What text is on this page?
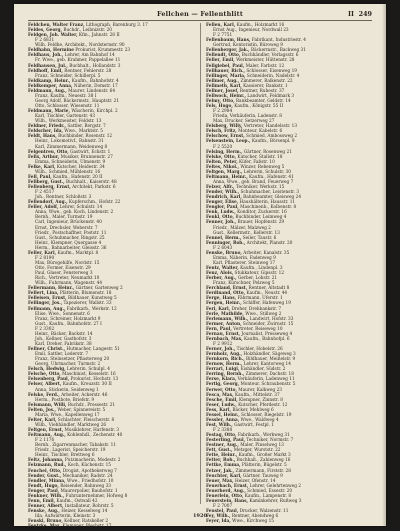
Fellchen — Fellenthlitt	II 249
Feldchen, Walter Franz, Lithograph, Barenburg 3. 17
Feldes, Georg, Buchdr., Leibnizstr. 20
Feldgen, Joh. Walter, Kfm., Jahnstr. 28 II
F 2 6831
Wilh. Feldhe, Architekt., Nordsternstr. 90
Feldhahn, Hermine Prokurist, Krummestr. 23
Feldhaus, Joh., Lehrer, Am Bahnhof 14
Fr. Wwe., geb. Krahmer, Pappelallee 11
Feldhausen, Jul., Buchhalt., Hollandstr. 3
Feldhoff, Emil, Rentner, Fehlerstr. 28
Franz, Schneider, Schillerpl. 5
Feldkamp, Heinr., Kaufm., Bahnhofstr. 4
Feldkemper, Anna, Näherin, Domstr. 17
Feldmann, Aug., Maurer, Lindenstr. 64
Franz, Kaufm., Neuestr. 38 I
Georg Adolf, Bäckermstr., Hauptstr. 21
Otto, Schlosser, Wiesenstr. 11
Feldmann, Marie, Wäscherin, Kirchpl. 2
Karl, Tischler, Gartenstr. 43
Wilh., Werkmeister, Feldstr. 13
Feldner, Friedr., Sattler, Bergstr. 7
Feldscher, Ida, Wwe., Marktstr. 5
Feldt, Hans, Buchbinder, Rosenstr. 12
Heinr., Lokomotivf., Bahnstr. 31
Karl, Zimmermann, Weidenweg 8
Felgentreu, Otto, Gastwirt, Eckstr. 1
Felix, Arthur, Musiker, Brunnenstr. 27
Emma, Schneiderin, Ulmenstr. 9
Felke, Karl, Kutscher, Heidestr. 34
Wilh., Schmied, Mühlenstr. 16
Fell, Paul, Kaufm., Hafenstr. 20 II
Fellberg, Gust., Buchhalt., Kaiserstr. 48
Fellenberg, Ernst, Architekt, Parkstr. 6
F 2 4517
Joh., Rentner, Schloßstr. 3
Fellendorf, Aug., Kupferschm., Hofstr. 22
Feller, Adolf, Lehrer, Schulstr. 14
Anna, Wwe., geb. Koch, Lindenstr. 2
Bernh., Maler, Turmstr. 19
Carl, Ingenieur, Brückenstr. 40
Ernst, Drechsler, Weberstr. 7
Friedr., Postschaffner, Poststr. 11
Gust., Schuhmacher, Ringstr. 25
Heinr., Klempner, Quergasse 4
Herm., Bahnarbeiter, Gleisstr. 36
Feller, Karl, Kaufm., Marktpl. 8
F 2 8190
Max, Bürogehilfe, Nordstr. 15
Otto, Former, Eisenstr. 29
Paul, Glaser, Fensterweg 3
Rich., Vertreter, Neumarkt 10
Wilh., Fuhrmann, Wagenstr. 44
Fellermann, Heinr., Gärtner, Gartenweg 2
Fellert, Lina, Plätterin, Blumenstr. 18
Felleisen, Ernst, Bildhauer, Kunstweg 5
Fellinger, Jos., Tapezierer, Wallstr. 33
Fellmann, Aug., Fabrikarb., Werkstr. 12
Elise, Wwe., Sonnenstr. 6
Franz, Schreiner, Holzmarkt 9
Gust., Kaufm., Bahnhofstr. 27 I
F 2 3302
Heinr., Bäcker, Backstr. 14
Joh., Kellner, Gasthofstr. 3
Karl, Dreher, Fabrikstr. 38
Fellner, Christ., Hutmacher, Langestr. 51
Emil, Sattler, Lederstr. 7
Franz, Steinsetzer, Pflasterweg 20
Georg, Uhrmacher, Turmstr. 2
Felsch, Hedwig, Lehrerin, Schulpl. 4
Felsche, Otto, Maschinist, Kesselstr. 16
Felsenberg, Paul, Prokurist, Hochstr. 13
Felser, Albert, Kaufm., Kreuzstr. 30 II
Anna, Stickerin, Seidenweg 1
Felske, Ferd., Arbeiter, Ackerstr. 46
Herm., Postbote, Briefstr. 9
Felsmann, Willi, Buchdr., Pressestr. 21
Felten, Jos., Weber, Spinnereistr. 5
Maria, Wwe., Kapellenweg 17
Felter, Karl, Schlachter, Fleischerstr. 8
Wilh., Viehhändler, Marktweg 26
Feltgen, Ernst, Musiklehrer, Harfenstr. 3
Feltmann, Aug., Kohlenhdl., Zechenstr. 40
F 2 1176
Bernh., Zigarrenmacher, Tabakstr. 11
Friedr., Lagerist, Speicherstr. 19
Heinr., Tischler, Brettweg 6
Feltz, Johanna, Putzmacherin, Modestr. 2
Felzmann, Rud., Koch, Küchenstr. 15
Fenchel, Otto, Drogist, Apothekerweg 7
Fender, Gust., Mechaniker, Radstr. 24
Fendler, Minna, Wwe., Friedhofstr. 10
Fendt, Hugo, Reisender, Bahnweg 33
Fenger, Paul, Maurerpolier, Bauhofstr. 1
Fenkner, Wilh., Fuhrunternehmer, Hofweg 8
Fenn, Emil, Kaufm., Ostwall 42
Fenner, Albert, Installateur, Rohrstr. 5
Fenske, Aug., Heizer, Kesselweg 14
Ida, Aufwärterin, Kleinstr. 3
Fenski, Bruno, Kellner, Ratskeller 2
Fentzke, Max, Klempner, Blechstr. 17
Fellen, Karl, Kaufm., Holzmarkt 16
Ernst Aug., Ingenieur, Nordwall 23
F 2 7751
Fellenbaum, Hans, Fabrikant, Industriestr. 4
Gertrud, Kontoristin, Büroweg 9
Fellenberger, Jak., Bäckermstr., Backweg 31
Fellendt, Otto, Buchhändler, Verlagsstr. 6
Feller, Emil, Werkmeister, Hüttenstr. 28
Fellgiebel, Paul, Maler, Farbstr. 12
Fellhauer, Rich., Schlosser, Eisenweg 19
Fellinger, Maria, Schneiderin, Nadelstr. 4
Fellmer, Aug., Zimmerer, Balkenstr. 22
Fellmeth, Karl, Kassierer, Bankstr. 1
Fellner, Josef, Rentner, Ruhestr. 37
Fellwock, Heinr., Landwirt, Feldmark 3
Felmy, Otto, Bankbeamter, Geldstr. 14
Fels, Hugo, Kaufm., Königstr. 55 II
F 2 2984
Frieda, Verkäuferin, Ladenstr. 8
Max, Drucker, Setzerweg 27
Felsberg, Willy, Vertreter, Handelsstr. 13
Felsch, Fritz, Monteur, Kabelstr. 6
Felschow, Ernst, Schmied, Ambossweg 2
Felsenstein, Leop., Kaufm., Börsenpl. 9
F 2 5520
Felsing, Herm., Gärtner, Rosenweg 21
Felske, Otto, Kutscher, Stallstr. 18
Felten, Peter, Küfer, Faßstr. 10
Feltes, Nikol., Winzer, Rebenweg 5
Feltgen, Marg., Lehrerin, Schulstr. 30
Feltmann, Heinr., Kaufm., Hafenstr. 41
Anna, Wwe., geb. Brand, Feuerweg 7
Felzer, Alfr., Techniker, Werkstr. 15
Fender, Wilh., Schuhmacher, Leistenstr. 3
Fendrich, Karl, Bahnbeamter, Gleisweg 24
Fenger, Elise, Haushälterin, Hausstr. 11
Fengler, Paul, Maschinenb., Kolbenstr. 8
Fenk, Ludw., Konditor, Zuckerstr. 16
Fenkl, Otto, Buchbinder, Leimweg 4
Fenner, Joh., Brauer, Hopfenstr. 29
Friedr., Mälzer, Malzweg 2
Gust., Kellermstr., Kellerstr. 13
Fennel, Herm., Seiler, Taustr. 6
Fenninger, Rob., Architekt, Planstr. 20
F 2 6043
Fenske, Bruno, Arbeiter, Kanalstr. 35
Emma, Näherin, Fadenweg 9
Karl, Pflasterer, Steinweg 17
Fentz, Walter, Kaufm., Lindenpl. 3
Fenz, Alois, Stukkateur, Gipsstr. 12
Ferber, Aug., Gerber, Lohstr. 21
Franz, Kürschner, Pelzweg 5
Ferchland, Ernst, Rentner, Altstadt 8
Ferdinand, Otto, Kaufm., Neustr. 44
Ferge, Hans, Fährmann, Uferstr. 1
Fergen, Heinr., Schiffer, Hafenweg 19
Ferl, Karl, Dreher, Drehbankstr. 7
Ferle, Mathilde, Wwe., Stillweg 2
Ferlemann, Wilh., Landwirt, Hofstr. 33
Fermer, Anton, Schneider, Zwirnstr. 15
Fern, Paul, Vertreter, Reiseweg 10
Fernau, Ernst, Journalist, Presseweg 4
Fernbach, Max, Kaufm., Bahnhofpl. 6
F 2 9912
Ferner, Joh., Tischler, Hobelstr. 26
Fernholz, Aug., Holzhändler, Sägeweg 3
Fernkorn, Rich., Bildhauer, Meißelstr. 9
Fernow, Herm., Lehrer, Kantorweg 14
Ferrari, Luigi, Eishändler, Südstr. 2
Ferring, Bernh., Zimmerer, Dachstr. 18
Ferse, Klara, Verkäuferin, Ladenweg 11
Fertig, Georg, Monteur, Schraubenstr. 5
Ferwer, Otto, Maurer, Kalkweg 23
Fesca, Max, Kaufm., Mittelstr. 37
Fesche, Emil, Klempner, Zinnstr. 8
Feser, Ludw., Kutscher, Pferdestr. 12
Fess, Karl, Bäcker, Mehlweg 6
Fessel, Heinr., Schlosser, Riegelstr. 19
Fessler, Anna, Wwe., Waldweg 4
Fest, Wilh., Gastwirt, Festpl. 1
F 2 3388
Festag, Otto, Fabrikarb., Werkweg 31
Festerling, Paul, Techniker, Normstr. 7
Festner, Aug., Maler, Pinselweg 13
Fett, Gust., Metzger, Wurststr. 22
Fette, Heinr., Kaufm., Großer Markt 3
Fetter, Rob., Buchhalt., Zahlenweg 16
Fettke, Emma, Plätterin, Bügelstr. 5
Fetzer, Jak., Zimmermann, Firststr. 28
Feuchter, Karl, Gärtner, Tauweg 9
Feuer, Max, Heizer, Ofenstr. 14
Feuerbach, Ernst, Lehrer, Gelehrtenweg 2
Feuerherd, Aug., Schmied, Essestr. 20
Feuerlein, Otto, Kaufm., Lampenstr. 8
Feuerstein, Hans, Kaminkehrer, Rußweg 3
F 2 7007
Feustel, Paul, Drucker, Walzenstr. 11
Fey, Wilh., Rentner, Abendweg 6
Feyer, Ida, Wwe., Kirchweg 15
1920
